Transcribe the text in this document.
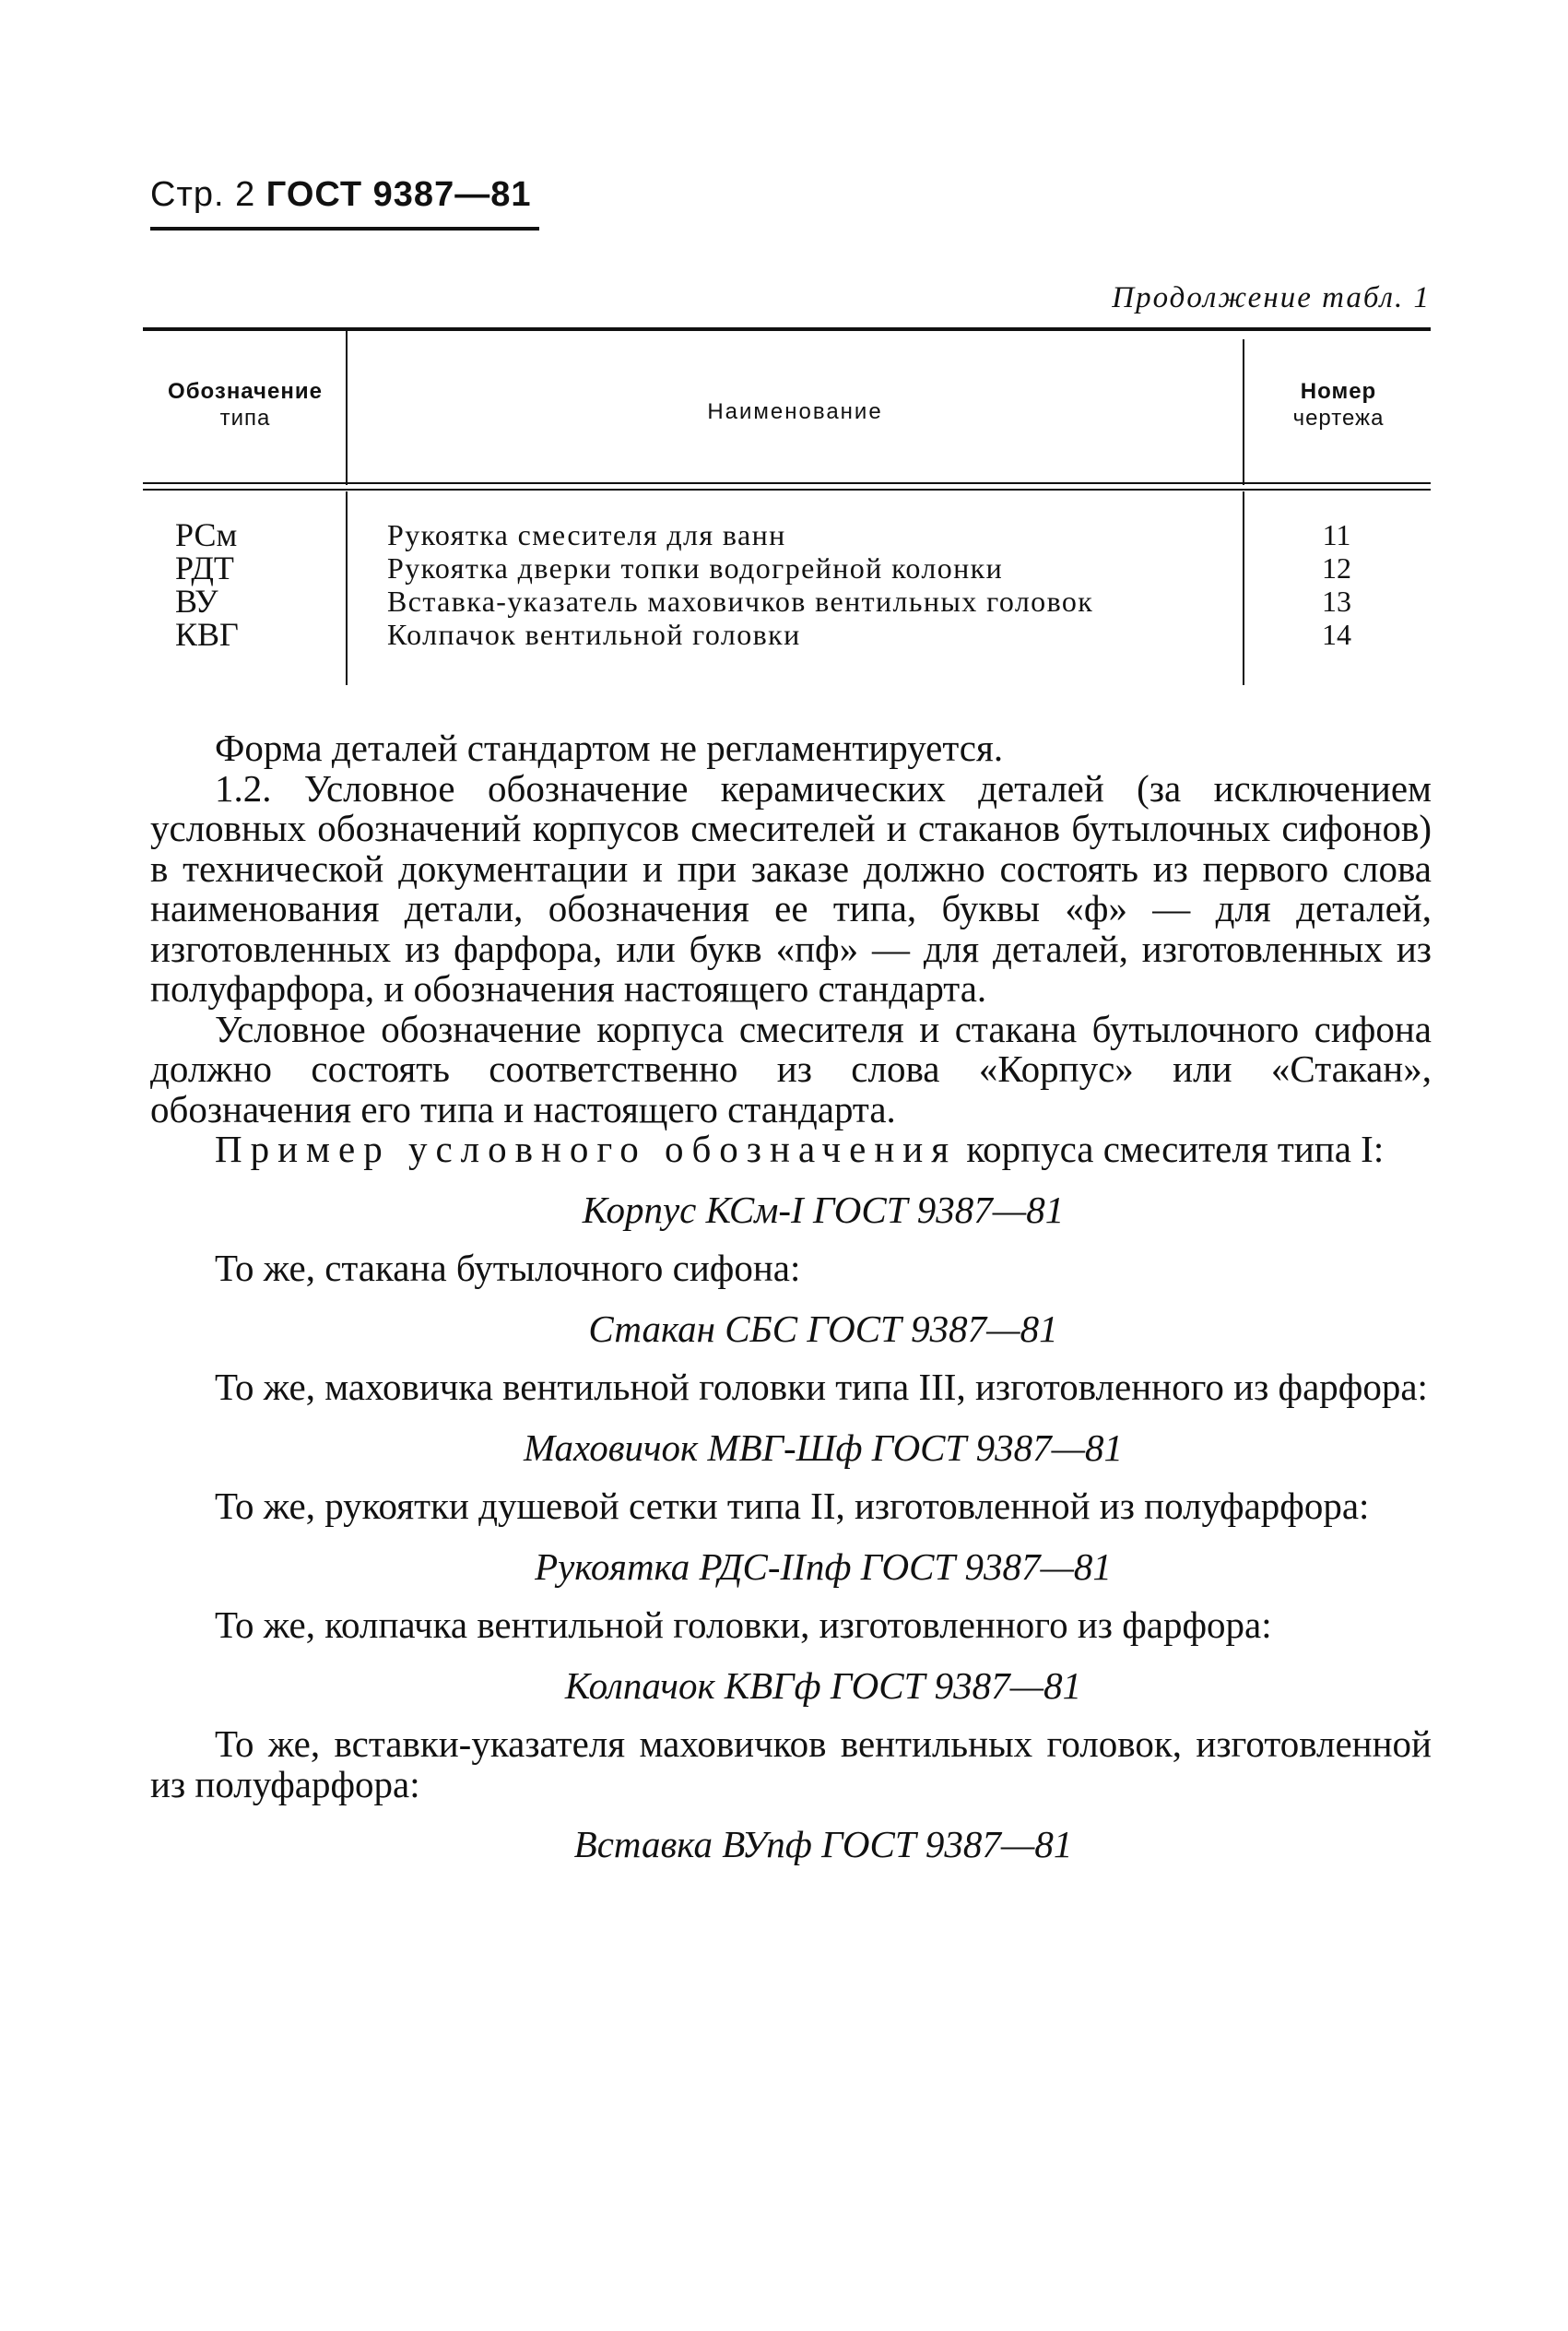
Стр. 2 ГОСТ 9387—81
Продолжение табл. 1
Обозначение
типа	Наименование
Номер
чертежа
РСм
РДТ
ВУ
КВГ
Рукоятка смесителя для ванн
Рукоятка дверки топки водогрейной колонки
Вставка-указатель маховичков вентильных головок
Колпачок вентильной головки
11
12
13
14

Форма деталей стандартом не регламентируется.

1.2. Условное обозначение керамических деталей (за исключением условных обозначений корпусов смесителей и стаканов бутылочных сифонов) в технической документации и при заказе должно состоять из первого слова наименования детали, обозначения ее типа, буквы «ф» — для деталей, изготовленных из фарфора, или букв «пф» — для деталей, изготовленных из полуфарфора, и обозначения настоящего стандарта.

Условное обозначение корпуса смесителя и стакана бутылочного сифона должно состоять соответственно из слова «Корпус» или «Стакан», обозначения его типа и настоящего стандарта.

Пример условного обозначения корпуса смесителя типа I:

Корпус КСм-I ГОСТ 9387—81

То же, стакана бутылочного сифона:

Стакан СБС ГОСТ 9387—81

То же, маховичка вентильной головки типа III, изготовленного из фарфора:

Маховичок МВГ-Шф ГОСТ 9387—81

То же, рукоятки душевой сетки типа II, изготовленной из полуфарфора:

Рукоятка РДС-IIпф ГОСТ 9387—81

То же, колпачка вентильной головки, изготовленного из фарфора:

Колпачок КВГф ГОСТ 9387—81

То же, вставки-указателя маховичков вентильных головок, изготовленной из полуфарфора:

Вставка ВУпф ГОСТ 9387—81
